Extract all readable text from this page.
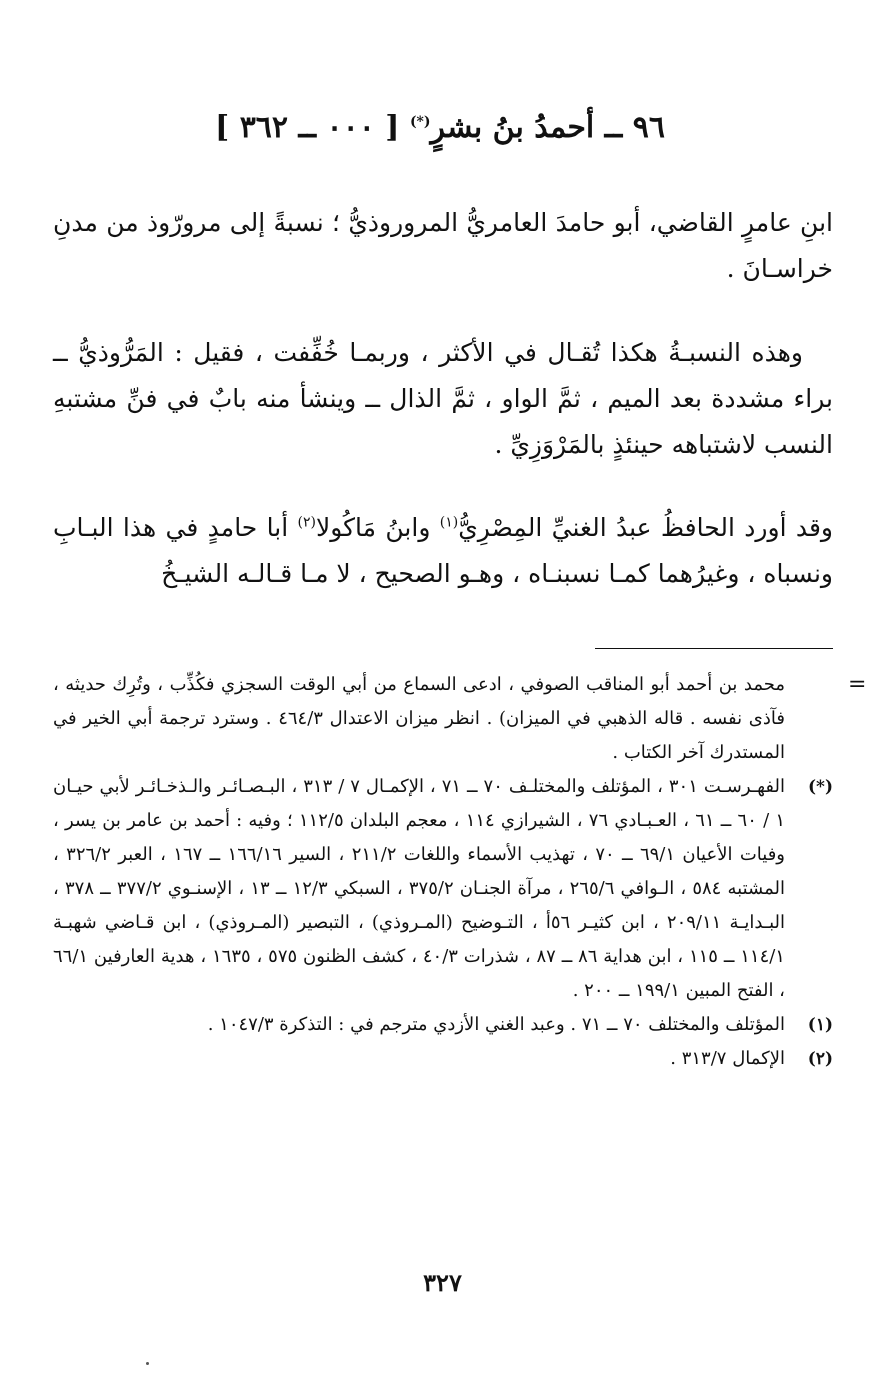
٩٦ ــ أحمدُ بنُ بشرٍ(*) [ ٠٠٠ ــ ٣٦٢ ]
ابنِ عامرٍ القاضي، أبو حامدَ العامريُّ المروروذيُّ ؛ نسبةً إلى مرورّوذ من مدنِ خراسـانَ .
وهذه النسبـةُ هكذا تُقـال في الأكثر ، وربمـا خُفِّفت ، فقيل : المَرُّوذيُّ ــ براء مشددة بعد الميم ، ثمَّ الواو ، ثمَّ الذال ــ وينشأ منه بابٌ في فنِّ مشتبهِ النسب لاشتباهه حينئذٍ بالمَرْوَزِيِّ .
وقد أورد الحافظُ عبدُ الغنيِّ المِصْرِيُّ$^{(١)}$ وابنُ مَاكُولا$^{(٢)}$ أبا حامدٍ في هذا البـابِ ونسباه ، وغيرُهما كمـا نسبنـاه ، وهـو الصحيح ، لا مـا قـالـه الشيـخُ
=
محمد بن أحمد أبو المناقب الصوفي ، ادعى السماع من أبي الوقت السجزي فكُذِّب ، وتُرِك حديثه ، فآذى نفسه . قاله الذهبي في الميزان) . انظر ميزان الاعتدال ٤٦٤/٣ . وسترد ترجمة أبي الخير في المستدرك آخر الكتاب .
(*)
الفهـرسـت ٣٠١ ، المؤتلف والمختلـف ٧٠ ــ ٧١ ، الإكمـال ٧ / ٣١٣ ، البـصـائـر والـذخـائـر لأبي حيـان ١ / ٦٠ ــ ٦١ ، العـبـادي ٧٦ ، الشيرازي ١١٤ ، معجم البلدان ١١٢/٥ ؛ وفيه : أحمد بن عامر بن يسر ، وفيات الأعيان ٦٩/١ ــ ٧٠ ، تهذيب الأسماء واللغات ٢١١/٢ ، السير ١٦٦/١٦ ــ ١٦٧ ، العبر ٣٢٦/٢ ، المشتبه ٥٨٤ ، الـوافي ٢٦٥/٦ ، مرآة الجنـان ٣٧٥/٢ ، السبكي ١٢/٣ ــ ١٣ ، الإسنـوي ٣٧٧/٢ ــ ٣٧٨ ، البـدايـة ٢٠٩/١١ ، ابن كثيـر ٥٦أ ، التـوضيح (المـروذي) ، التبصير (المـروذي) ، ابن قـاضي شهبـة ١١٤/١ ــ ١١٥ ، ابن هداية ٨٦ ــ ٨٧ ، شذرات ٤٠/٣ ، كشف الظنون ٥٧٥ ، ١٦٣٥ ، هدية العارفين ٦٦/١ ، الفتح المبين ١٩٩/١ ــ ٢٠٠ .
(١)
المؤتلف والمختلف ٧٠ ــ ٧١ . وعبد الغني الأزدي مترجم في : التذكرة ١٠٤٧/٣ .
(٢)
الإكمال ٣١٣/٧ .
٣٢٧
